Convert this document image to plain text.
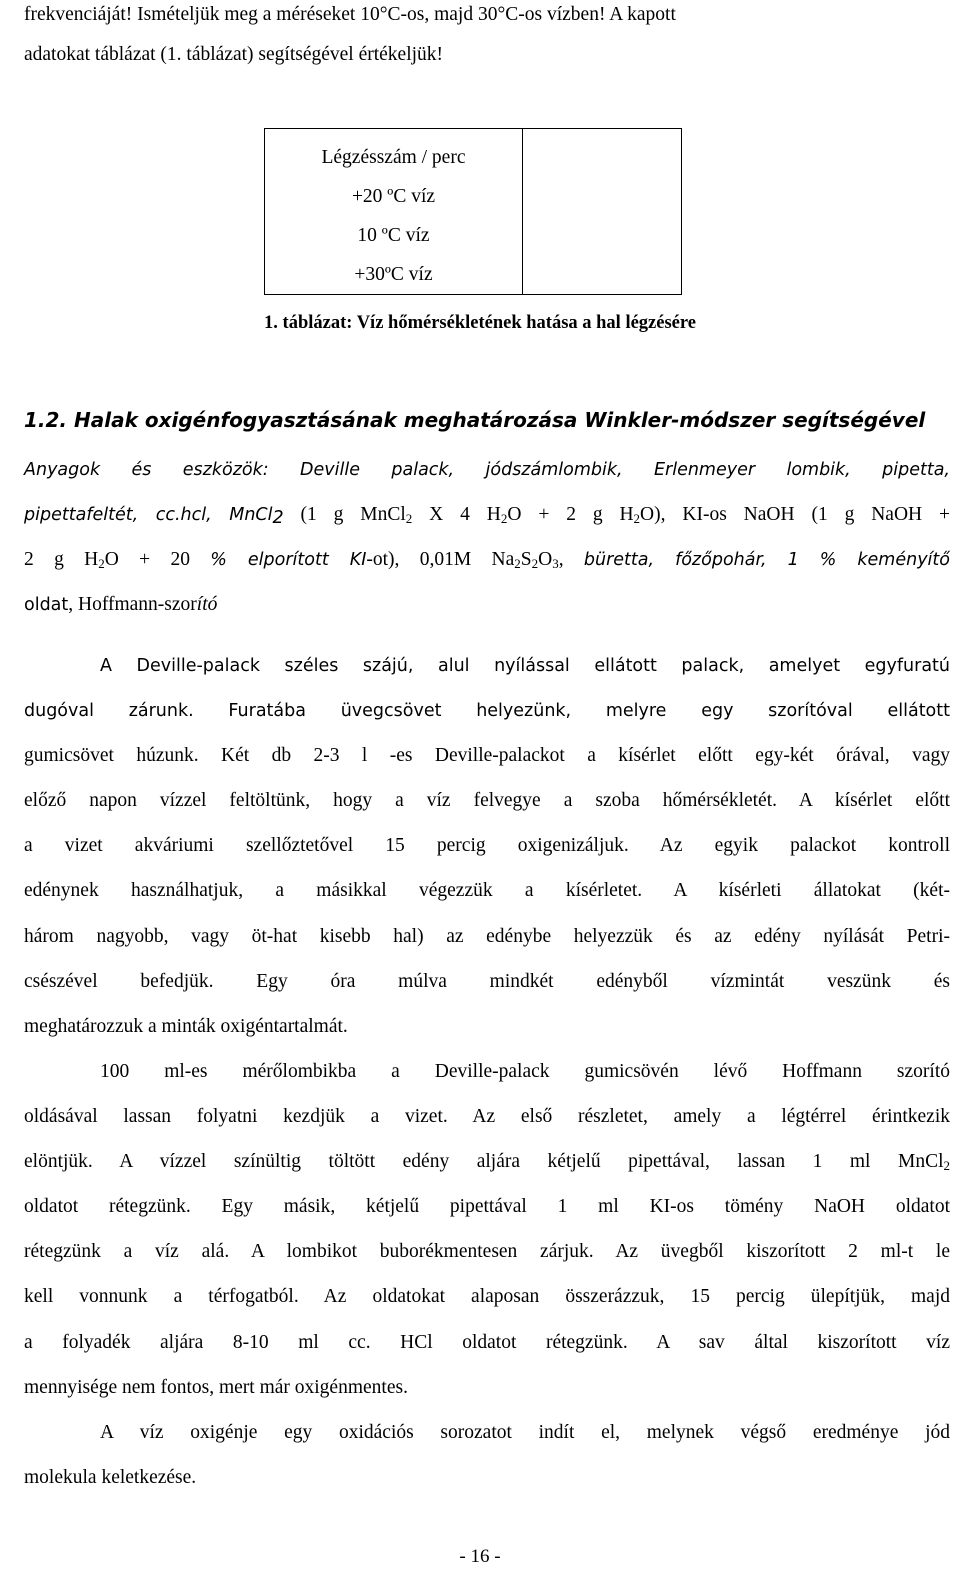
frekvenciáját! Ismételjük meg a méréseket 10°C-os, majd 30°C-os vízben! A kapott
adatokat táblázat (1. táblázat) segítségével értékeljük!
Légzésszám / perc
+20 ºC víz
10 ºC víz
+30ºC víz

1. táblázat: Víz hőmérsékletének hatása a hal légzésére
1.2. Halak oxigénfogyasztásának meghatározása Winkler-módszer segítségével
Anyagok és eszközök: Deville palack, jódszámlombik, Erlenmeyer lombik, pipetta,
pipettafeltét, cc.hcl, MnCl$_2$ (1 g MnCl$_2$ X 4 $H_2O + 2$ g $H_2O$), KI-os NaOH (1 g NaOH +
2 g $H_2O + 20$ % elporított KI-ot), 0,01M $Na_2S_2O_3$, büretta, főzőpohár, 1 % keményítő
oldat, Hoffmann-szorító
A Deville-palack széles szájú, alul nyílással ellátott palack, amelyet egyfuratú
dugóval zárunk. Furatába üvegcsövet helyezünk, melyre egy szorítóval ellátott
gumicsövet húzunk. Két db 2-3 l -es Deville-palackot a kísérlet előtt egy-két órával, vagy
előző napon vízzel feltöltünk, hogy a víz felvegye a szoba hőmérsékletét. A kísérlet előtt
a vizet akváriumi szellőztetővel 15 percig oxigenizáljuk. Az egyik palackot kontroll
edénynek használhatjuk, a másikkal végezzük a kísérletet. A kísérleti állatokat (két-
három nagyobb, vagy öt-hat kisebb hal) az edénybe helyezzük és az edény nyílását Petri-
csészével befedjük. Egy óra múlva mindkét edényből vízmintát veszünk és
meghatározzuk a minták oxigéntartalmát.
100 ml-es mérőlombikba a Deville-palack gumicsövén lévő Hoffmann szorító
oldásával lassan folyatni kezdjük a vizet. Az első részletet, amely a légtérrel érintkezik
elöntjük. A vízzel színültig töltött edény aljára kétjelű pipettával, lassan 1 ml MnCl$_2$
oldatot rétegzünk. Egy másik, kétjelű pipettával 1 ml KI-os tömény NaOH oldatot
rétegzünk a víz alá. A lombikot buborékmentesen zárjuk. Az üvegből kiszorított 2 ml-t le
kell vonnunk a térfogatból. Az oldatokat alaposan összerázzuk, 15 percig ülepítjük, majd
a folyadék aljára 8-10 ml cc. HCl oldatot rétegzünk. A sav által kiszorított víz
mennyisége nem fontos, mert már oxigénmentes.
A víz oxigénje egy oxidációs sorozatot indít el, melynek végső eredménye jód
molekula keletkezése.
- 16 -
